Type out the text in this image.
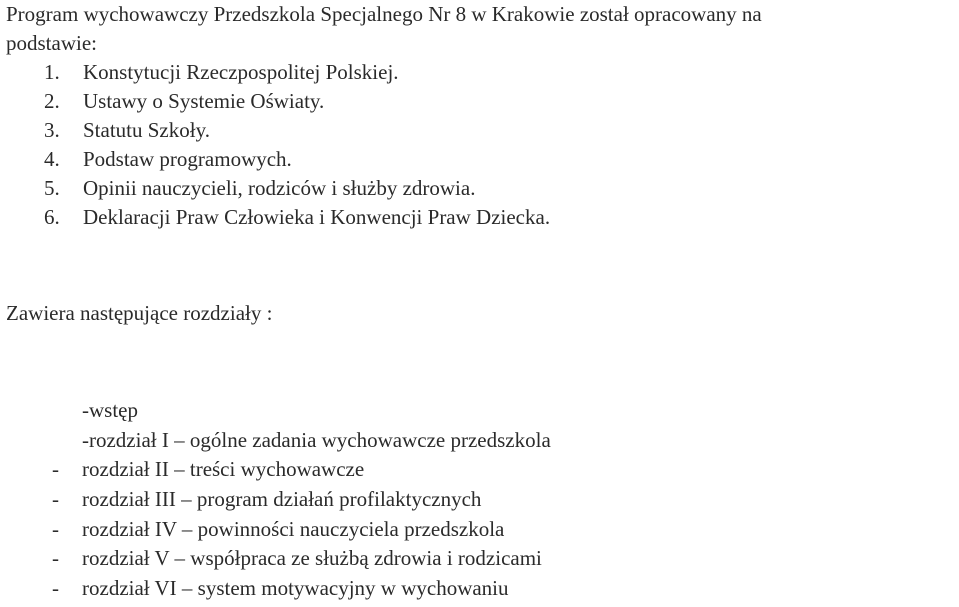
Program wychowawczy Przedszkola Specjalnego Nr 8 w Krakowie został opracowany na
podstawie:
1. Konstytucji Rzeczpospolitej Polskiej.
2. Ustawy o Systemie Oświaty.
3. Statutu Szkoły.
4. Podstaw programowych.
5. Opinii nauczycieli, rodziców i służby zdrowia.
6. Deklaracji Praw Człowieka i Konwencji Praw Dziecka.
Zawiera następujące rozdziały :
-wstęp
-rozdział I – ogólne zadania wychowawcze przedszkola
- rozdział II – treści wychowawcze
- rozdział III – program działań profilaktycznych
- rozdział IV – powinności nauczyciela przedszkola
- rozdział V – współpraca ze służbą zdrowia i rodzicami
- rozdział VI – system motywacyjny w wychowaniu
